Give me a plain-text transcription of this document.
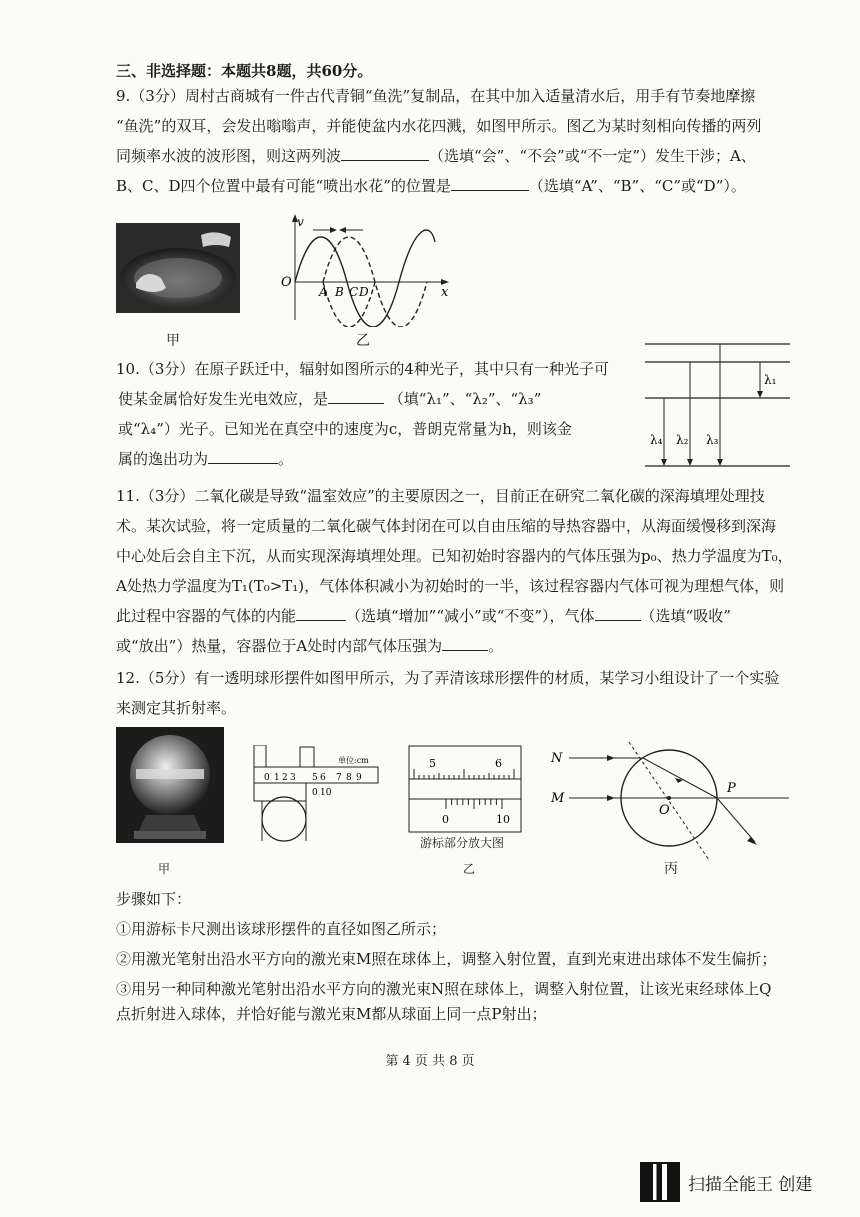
三、非选择题：本题共8题，共60分。
9.（3分）周村古商城有一件古代青铜“鱼洗”复制品，在其中加入适量清水后，用手有节奏地摩擦
“鱼洗”的双耳，会发出嗡嗡声，并能使盆内水花四溅，如图甲所示。图乙为某时刻相向传播的两列
同频率水波的波形图，则这两列波	（选填“会”、“不会”或“不一定”）发生干涉；A、
B、C、D四个位置中最有可能“喷出水花”的位置是	（选填“A”、“B”、“C”或“D”）。
甲
v
O
x
A B C D
乙
10.（3分）在原子跃迁中，辐射如图所示的4种光子，其中只有一种光子可
使某金属恰好发生光电效应，是	（填“λ₁”、“λ₂”、“λ₃”
或“λ₄”）光子。已知光在真空中的速度为c，普朗克常量为h，则该金
属的逸出功为	。
λ₁
λ₄ λ₂ λ₃
11.（3分）二氧化碳是导致“温室效应”的主要原因之一，目前正在研究二氧化碳的深海填埋处理技
术。某次试验，将一定质量的二氧化碳气体封闭在可以自由压缩的导热容器中，从海面缓慢移到深海
中心处后会自主下沉，从而实现深海填埋处理。已知初始时容器内的气体压强为p₀、热力学温度为T₀，
A处热力学温度为T₁(T₀>T₁)，气体体积减小为初始时的一半，该过程容器内气体可视为理想气体，则
此过程中容器的气体的内能	（选填“增加”“减小”或“不变”），气体	（选填“吸收”
或“放出”）热量，容器位于A处时内部气体压强为	。
12.（5分）有一透明球形摆件如图甲所示，为了弄清该球形摆件的材质，某学习小组设计了一个实验
来测定其折射率。
甲
0 1 2 3 5 6 7 8 9
0 10
单位:cm	5	6
0	10
游标部分放大图
乙
N
M
O
P
丙
步骤如下：
①用游标卡尺测出该球形摆件的直径如图乙所示；
②用激光笔射出沿水平方向的激光束M照在球体上，调整入射位置，直到光束进出球体不发生偏折；
③用另一种同种激光笔射出沿水平方向的激光束N照在球体上，调整入射位置，让该光束经球体上Q
点折射进入球体，并恰好能与激光束M都从球面上同一点P射出；
第 4 页 共 8 页
扫描全能王 创建
